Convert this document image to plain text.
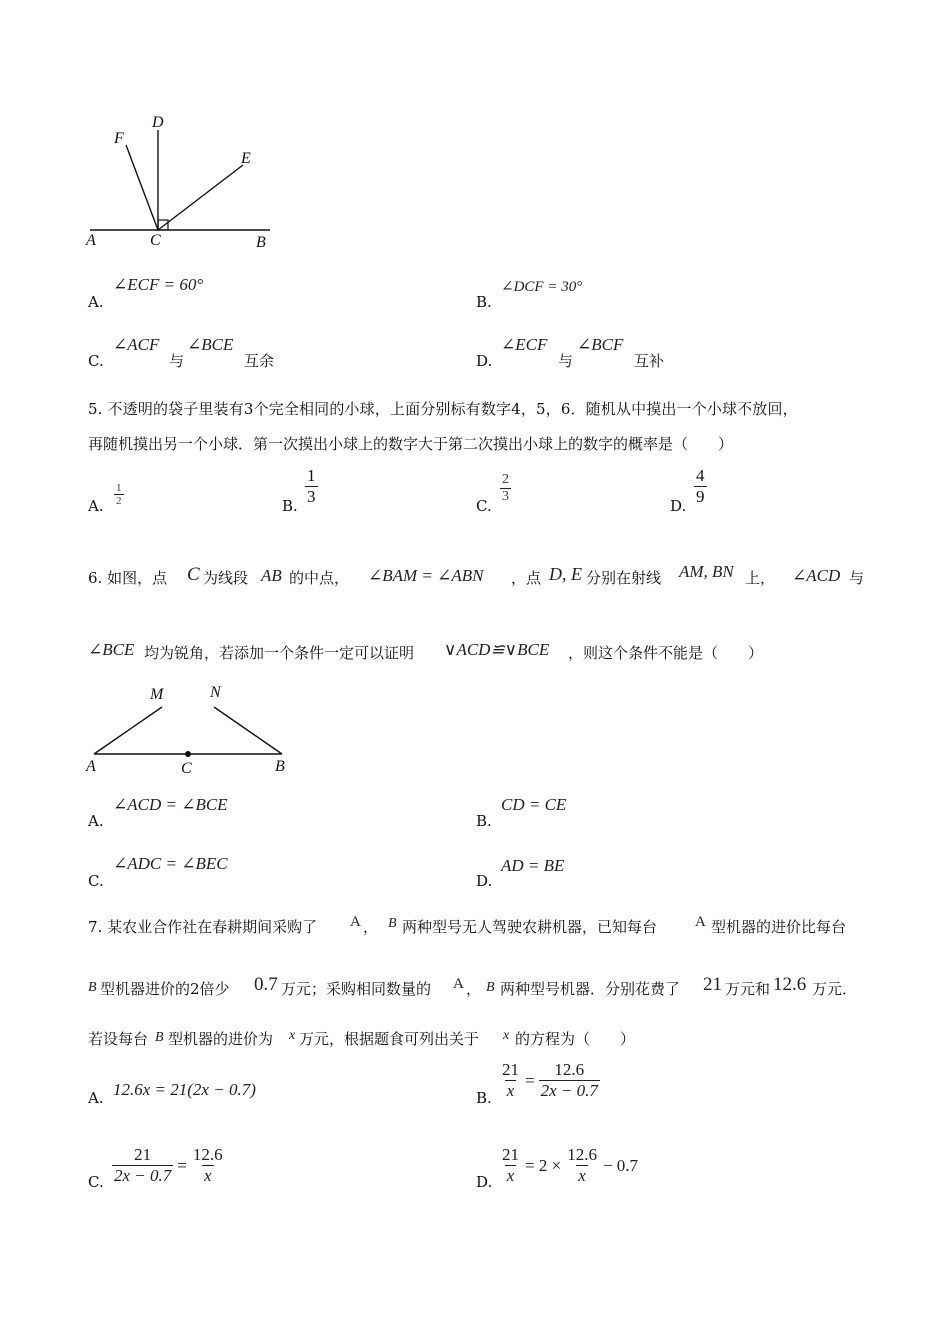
F
D
E
A	C	B
A.
∠ECF = 60°
B.
∠DCF = 30°
C.
∠ACF
与
∠BCE
互余	D.
∠ECF
与
∠BCF
互补
5. 不透明的袋子里装有3个完全相同的小球，上面分别标有数字4，5，6．随机从中摸出一个小球不放回，
再随机摸出另一个小球．第一次摸出小球上的数字大于第二次摸出小球上的数字的概率是（　　）
A. $\frac{1}{2}$	B. $\frac{1}{3}$	C.
$\frac{2}{3}$
D. $\frac{4}{9}$
6. 如图，点 C 为线段 AB 的中点， ∠BAM = ∠ABN ，点 D, E 分别在射线 AM, BN 上， ∠ACD 与
∠BCE 均为锐角，若添加一个条件一定可以证明 ∨ACD≌∨BCE ，则这个条件不能是（　　）
M	N
A	C	B
A.
∠ACD = ∠BCE
B.
CD = CE
C.
∠ADC = ∠BEC
D.
AD = BE
7. 某农业合作社在春耕期间采购了 A ， B 两种型号无人驾驶农耕机器，已知每台	A 型机器的进价比每台
B 型机器进价的2倍少 0.7 万元；采购相同数量的 A ， B 两种型号机器．分别花费了 21 万元和 12.6 万元．
若设每台 B 型机器的进价为 x 万元，根据题食可列出关于 x 的方程为（　　）
A. 12.6x = 21(2x − 0.7)	B. $\frac{21}{x} = \frac{12.6}{2x - 0.7}$
C. $\frac{21}{2x - 0.7} = \frac{12.6}{x}$	D. $\frac{21}{x} = 2 \times \frac{12.6}{x} - 0.7$
